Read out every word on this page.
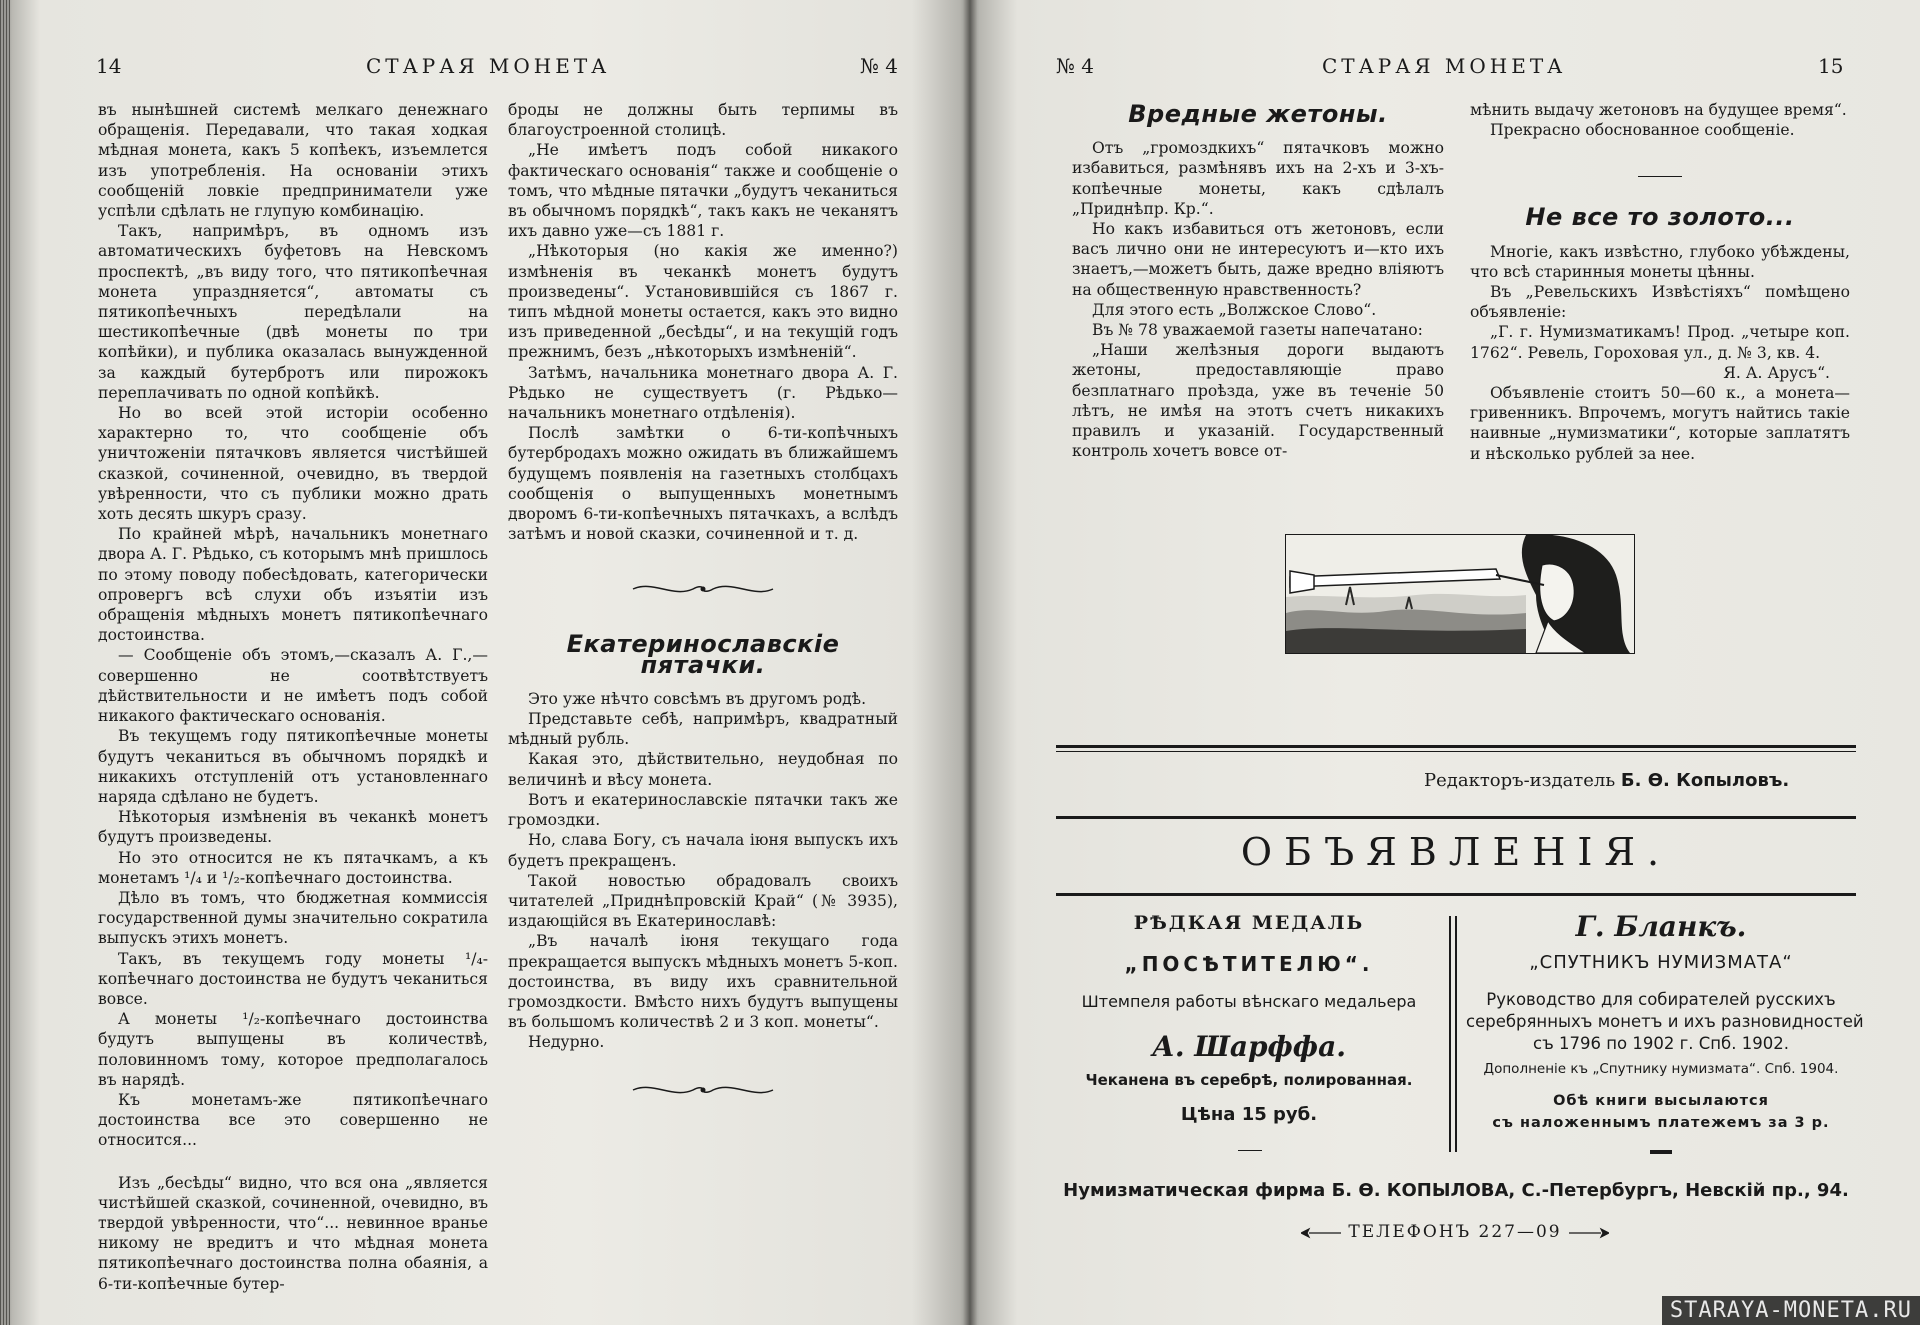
14	СТАРАЯ МОНЕТА	№ 4

въ нынѣшней системѣ мелкаго денежнаго обращенія. Передавали, что такая ходкая мѣдная монета, какъ 5 копѣекъ, изъемлется изъ употребленія. На основаніи этихъ сообщеній ловкіе предприниматели уже успѣли сдѣлать не глупую комбинацію.

Такъ, напримѣръ, въ одномъ изъ автоматическихъ буфетовъ на Невскомъ проспектѣ, „въ виду того, что пятикопѣечная монета упраздняется“, автоматы съ пятикопѣечныхъ передѣлали на шестикопѣечные (двѣ монеты по три копѣйки), и публика оказалась вынужденной за каждый бутербротъ или пирожокъ переплачивать по одной копѣйкѣ.

Но во всей этой исторіи особенно характерно то, что сообщеніе объ уничтоженіи пятачковъ является чистѣйшей сказкой, сочиненной, очевидно, въ твердой увѣренности, что съ публики можно драть хоть десять шкуръ сразу.

По крайней мѣрѣ, начальникъ монетнаго двора А. Г. Рѣдько, съ которымъ мнѣ пришлось по этому поводу побесѣдовать, категорически опровергъ всѣ слухи объ изъятіи изъ обращенія мѣдныхъ монетъ пятикопѣечнаго достоинства.

— Сообщеніе объ этомъ,—сказалъ А. Г.,— совершенно не соотвѣтствуетъ дѣйствительности и не имѣетъ подъ собой никакого фактическаго основанія.

Въ текущемъ году пятикопѣечные монеты будутъ чеканиться въ обычномъ порядкѣ и никакихъ отступленій отъ установленнаго наряда сдѣлано не будетъ.

Нѣкоторыя измѣненія въ чеканкѣ монетъ будутъ произведены.

Но это относится не къ пятачкамъ, а къ монетамъ ¹/₄ и ¹/₂-копѣечнаго достоинства.

Дѣло въ томъ, что бюджетная коммиссія государственной думы значительно сократила выпускъ этихъ монетъ.

Такъ, въ текущемъ году монеты ¹/₄-копѣечнаго достоинства не будутъ чеканиться вовсе.

А монеты ¹/₂-копѣечнаго достоинства будутъ выпущены въ количествѣ, половинномъ тому, которое предполагалось въ нарядѣ.

Къ монетамъ-же пятикопѣечнаго достоинства все это совершенно не относится...

Изъ „бесѣды“ видно, что вся она „является чистѣйшей сказкой, сочиненной, очевидно, въ твердой увѣренности, что“... невинное вранье никому не вредитъ и что мѣдная монета пятикопѣечнаго достоинства полна обаянія, а 6-ти-копѣечные бутер-

броды не должны быть терпимы въ благоустроенной столицѣ.

„Не имѣетъ подъ собой никакого фактическаго основанія“ также и сообщеніе о томъ, что мѣдные пятачки „будутъ чеканиться въ обычномъ порядкѣ“, такъ какъ не чеканятъ ихъ давно уже—съ 1881 г.

„Нѣкоторыя (но какія же именно?) измѣненія въ чеканкѣ монетъ будутъ произведены“. Установившійся съ 1867 г. типъ мѣдной монеты остается, какъ это видно изъ приведенной „бесѣды“, и на текущій годъ прежнимъ, безъ „нѣкоторыхъ измѣненій“.

Затѣмъ, начальника монетнаго двора А. Г. Рѣдько не существуетъ (г. Рѣдько— начальникъ монетнаго отдѣленія).

Послѣ замѣтки о 6-ти-копѣчныхъ бутербродахъ можно ожидать въ ближайшемъ будущемъ появленія на газетныхъ столбцахъ сообщенія о выпущенныхъ монетнымъ дворомъ 6-ти-копѣечныхъ пятачкахъ, а вслѣдъ затѣмъ и новой сказки, сочиненной и т. д.

Екатеринославскіе пятачки.

Это уже нѣчто совсѣмъ въ другомъ родѣ.

Представьте себѣ, напримѣръ, квадратный мѣдный рубль.

Какая это, дѣйствительно, неудобная по величинѣ и вѣсу монета.

Вотъ и екатеринославскіе пятачки такъ же громоздки.

Но, слава Богу, съ начала іюня выпускъ ихъ будетъ прекращенъ.

Такой новостью обрадовалъ своихъ читателей „Приднѣпровскій Край“ (№ 3935), издающійся въ Екатеринославѣ:

„Въ началѣ іюня текущаго года прекращается выпускъ мѣдныхъ монетъ 5-коп. достоинства, въ виду ихъ сравнительной громоздкости. Вмѣсто нихъ будутъ выпущены въ большомъ количествѣ 2 и 3 коп. монеты“.

Недурно.

№ 4	СТАРАЯ МОНЕТА	15
Вредные жетоны.

Отъ „громоздкихъ“ пятачковъ можно избавиться, размѣнявъ ихъ на 2-хъ и 3-хъ-копѣечные монеты, какъ сдѣлалъ „Приднѣпр. Кр.“.

Но какъ избавиться отъ жетоновъ, если васъ лично они не интересуютъ и—кто ихъ знаетъ,—можетъ быть, даже вредно вліяютъ на общественную нравственность?

Для этого есть „Волжское Слово“.

Въ № 78 уважаемой газеты напечатано:

„Наши желѣзныя дороги выдаютъ жетоны, предоставляющіе право безплатнаго проѣзда, уже въ теченіе 50 лѣтъ, не имѣя на этотъ счетъ никакихъ правилъ и указаній. Государственный контроль хочетъ вовсе от-

мѣнить выдачу жетоновъ на будущее время“.

Прекрасно обоснованное сообщеніе.

Не все то золото...

Многіе, какъ извѣстно, глубоко убѣждены, что всѣ старинныя монеты цѣнны.

Въ „Ревельскихъ Извѣстіяхъ“ помѣщено объявленіе:

„Г. г. Нумизматикамъ! Прод. „четыре коп. 1762“. Ревель, Гороховая ул., д. № 3, кв. 4.

Я. А. Арусъ“.

Объявленіе стоитъ 50—60 к., а монета— гривенникъ. Впрочемъ, могутъ найтись такіе наивные „нумизматики“, которые заплатятъ и нѣсколько рублей за нее.

Редакторъ-издатель Б. Ѳ. Копыловъ.
ОБЪЯВЛЕНІЯ.
РѢДКАЯ МЕДАЛЬ
„ПОСѢТИТЕЛЮ“.
Штемпеля работы вѣнскаго медальера
А. Шарффа.
Чеканена въ серебрѣ, полированная.
Цѣна 15 руб.
Г. Бланкъ.
„СПУТНИКЪ НУМИЗМАТА“
Руководство для собирателей русскихъ
серебрянныхъ монетъ и ихъ разновидностей
съ 1796 по 1902 г. Спб. 1902.
Дополненіе къ „Спутнику нумизмата“. Спб. 1904.
Обѣ книги высылаются
съ наложеннымъ платежемъ за 3 р.
Нумизматическая фирма Б. Ѳ. КОПЫЛОВА, С.-Петербургъ, Невскій пр., 94.
ТЕЛЕФОНЪ 227—09
STARAYA-MONETA.RU
